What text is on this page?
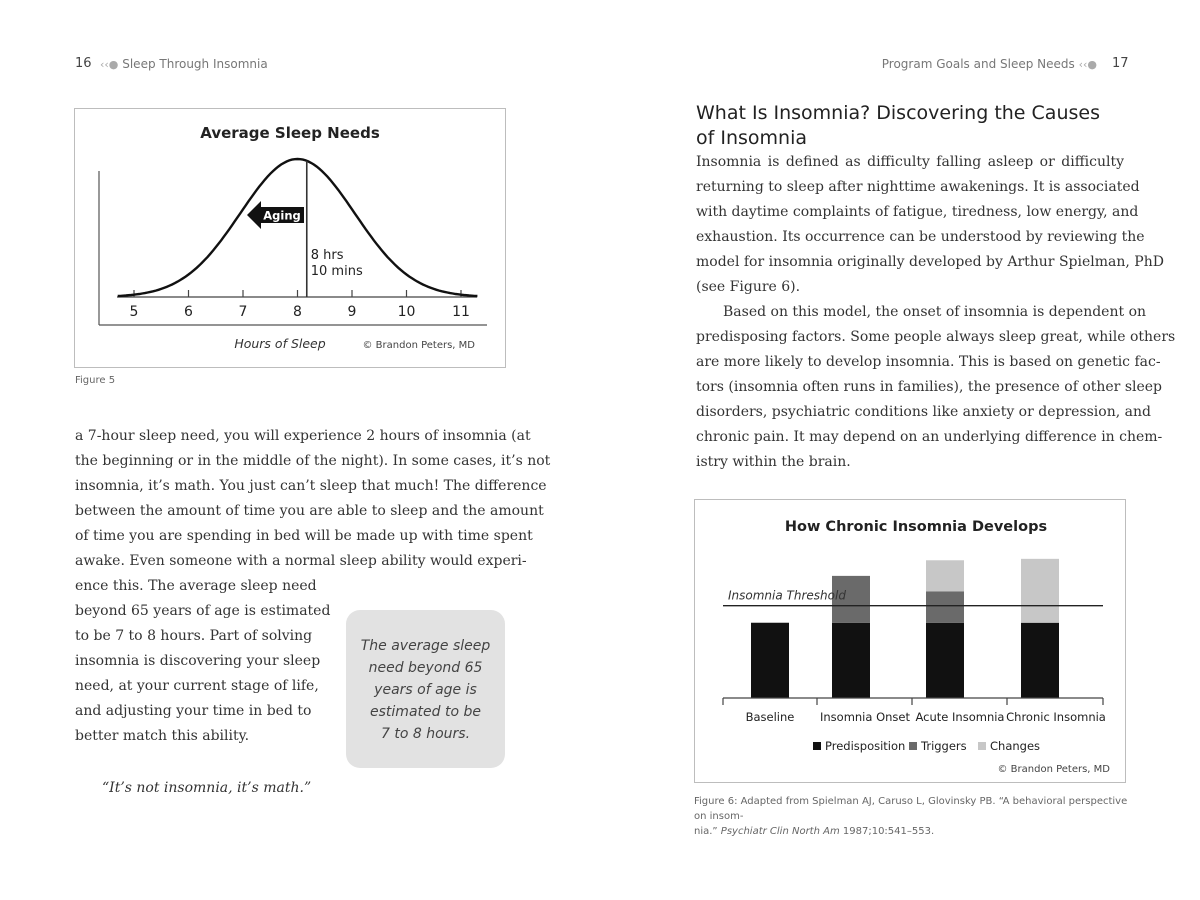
16 ‹‹● Sleep Through Insomnia	Program Goals and Sleep Needs ‹‹● 17
Average Sleep Needs
5	6	7	8	9	10	11
8 hrs
10 mins
Aging
Hours of Sleep	© Brandon Peters, MD
Figure 5
a 7-hour sleep need, you will experience 2 hours of insomnia (at
the beginning or in the middle of the night). In some cases, it’s not
insomnia, it’s math. You just can’t sleep that much! The difference
between the amount of time you are able to sleep and the amount
of time you are spending in bed will be made up with time spent
awake. Even someone with a normal sleep ability would experi-
ence this. The average sleep need
beyond 65 years of age is estimated
to be 7 to 8 hours. Part of solving
insomnia is discovering your sleep
need, at your current stage of life,
and adjusting your time in bed to
better match this ability.
“It’s not insomnia, it’s math.”

The average sleep

need beyond 65

years of age is

estimated to be

7 to 8 hours.

What Is Insomnia? Discovering the Causes
of Insomnia
Insomnia is defined as difficulty falling asleep or difficulty
returning to sleep after nighttime awakenings. It is associated
with daytime complaints of fatigue, tiredness, low energy, and
exhaustion. Its occurrence can be understood by reviewing the
model for insomnia originally developed by Arthur Spielman, PhD
(see Figure 6).
Based on this model, the onset of insomnia is dependent on
predisposing factors. Some people always sleep great, while others
are more likely to develop insomnia. This is based on genetic fac-
tors (insomnia often runs in families), the presence of other sleep
disorders, psychiatric conditions like anxiety or depression, and
chronic pain. It may depend on an underlying difference in chem-
istry within the brain.
How Chronic Insomnia Develops
Insomnia Threshold
Baseline Insomnia Onset Acute Insomnia Chronic Insomnia
Predisposition Triggers Changes
© Brandon Peters, MD
Figure 6: Adapted from Spielman AJ, Caruso L, Glovinsky PB. “A behavioral perspective on insom-
nia.” Psychiatr Clin North Am 1987;10:541–553.
